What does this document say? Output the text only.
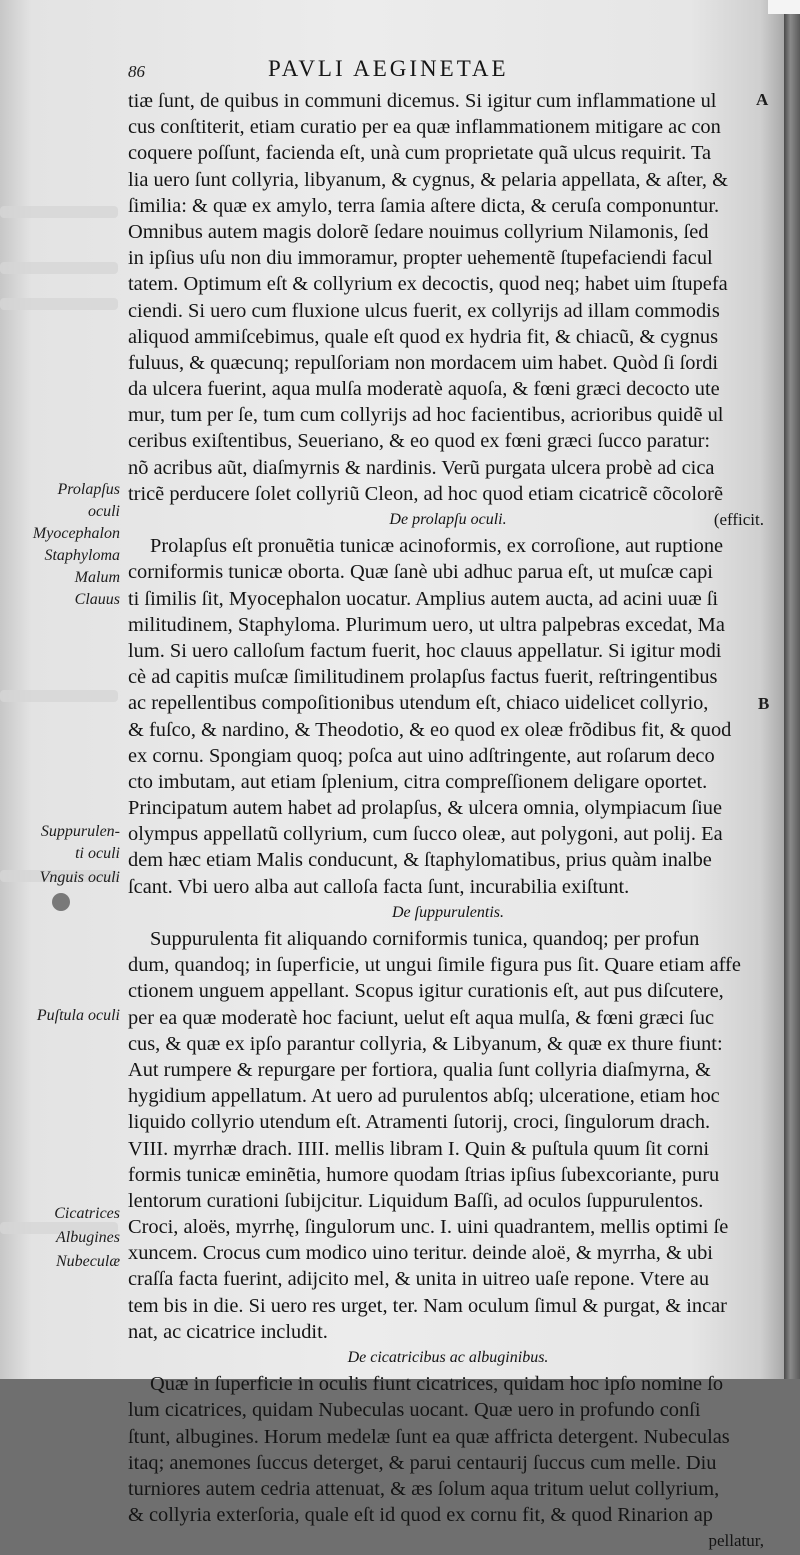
86	PAVLI AEGINETAE
A
B
Prolapſus
oculi
Myocephalon
Staphyloma
Malum
Clauus
Suppurulen-
ti oculi
Vnguis oculi
Puſtula oculi
Cicatrices
Albugines
Nubeculæ
tiæ ſunt, de quibus in communi dicemus. Si igitur cum inflammatione ul
cus conſtiterit, etiam curatio per ea quæ inflammationem mitigare ac con
coquere poſſunt, facienda eſt, unà cum proprietate quã ulcus requirit. Ta
lia uero ſunt collyria, libyanum, & cygnus, & pelaria appellata, & aſter, &
ſimilia: & quæ ex amylo, terra ſamia aſtere dicta, & ceruſa componuntur.
Omnibus autem magis dolorẽ ſedare nouimus collyrium Nilamonis, ſed
in ipſius uſu non diu immoramur, propter uehementẽ ſtupefaciendi facul
tatem. Optimum eſt & collyrium ex decoctis, quod neq; habet uim ſtupefa
ciendi. Si uero cum fluxione ulcus fuerit, ex collyrijs ad illam commodis
aliquod ammiſcebimus, quale eſt quod ex hydria fit, & chiacũ, & cygnus
fuluus, & quæcunq; repulſoriam non mordacem uim habet. Quòd ſi ſordi
da ulcera fuerint, aqua mulſa moderatè aquoſa, & fœni græci decocto ute
mur, tum per ſe, tum cum collyrijs ad hoc facientibus, acrioribus quidẽ ul
ceribus exiſtentibus, Seueriano, & eo quod ex fœni græci ſucco paratur:
nõ acribus aũt, diaſmyrnis & nardinis. Verũ purgata ulcera probè ad cica
tricẽ perducere ſolet collyriũ Cleon, ad hoc quod etiam cicatricẽ cõcolorẽ
De prolapſu oculi.	(efficit.
Prolapſus eſt pronuẽtia tunicæ acinoformis, ex corroſione, aut ruptione
corniformis tunicæ oborta. Quæ ſanè ubi adhuc parua eſt, ut muſcæ capi
ti ſimilis ſit, Myocephalon uocatur. Amplius autem aucta, ad acini uuæ ſi
militudinem, Staphyloma. Plurimum uero, ut ultra palpebras excedat, Ma
lum. Si uero calloſum factum fuerit, hoc clauus appellatur. Si igitur modi
cè ad capitis muſcæ ſimilitudinem prolapſus factus fuerit, reſtringentibus
ac repellentibus compoſitionibus utendum eſt, chiaco uidelicet collyrio,
& fuſco, & nardino, & Theodotio, & eo quod ex oleæ frõdibus fit, & quod
ex cornu. Spongiam quoq; poſca aut uino adſtringente, aut roſarum deco
cto imbutam, aut etiam ſplenium, citra compreſſionem deligare oportet.
Principatum autem habet ad prolapſus, & ulcera omnia, olympiacum ſiue
olympus appellatũ collyrium, cum ſucco oleæ, aut polygoni, aut polij. Ea
dem hæc etiam Malis conducunt, & ſtaphylomatibus, prius quàm inalbe
ſcant. Vbi uero alba aut calloſa facta ſunt, incurabilia exiſtunt.
De ſuppurulentis.
Suppurulenta fit aliquando corniformis tunica, quandoq; per profun
dum, quandoq; in ſuperficie, ut ungui ſimile figura pus ſit. Quare etiam affe
ctionem unguem appellant. Scopus igitur curationis eſt, aut pus diſcutere,
per ea quæ moderatè hoc faciunt, uelut eſt aqua mulſa, & fœni græci ſuc
cus, & quæ ex ipſo parantur collyria, & Libyanum, & quæ ex thure fiunt:
Aut rumpere & repurgare per fortiora, qualia ſunt collyria diaſmyrna, &
hygidium appellatum. At uero ad purulentos abſq; ulceratione, etiam hoc
liquido collyrio utendum eſt. Atramenti ſutorij, croci, ſingulorum drach.
VIII. myrrhæ drach. IIII. mellis libram I. Quin & puſtula quum ſit corni
formis tunicæ eminẽtia, humore quodam ſtrias ipſius ſubexcoriante, puru
lentorum curationi ſubijcitur. Liquidum Baſſi, ad oculos ſuppurulentos.
Croci, aloës, myrrhę, ſingulorum unc. I. uini quadrantem, mellis optimi ſe
xuncem. Crocus cum modico uino teritur. deinde aloë, & myrrha, & ubi
craſſa facta fuerint, adijcito mel, & unita in uitreo uaſe repone. Vtere au
tem bis in die. Si uero res urget, ter. Nam oculum ſimul & purgat, & incar
nat, ac cicatrice includit.
De cicatricibus ac albuginibus.
Quæ in ſuperficie in oculis fiunt cicatrices, quidam hoc ipſo nomine ſo
lum cicatrices, quidam Nubeculas uocant. Quæ uero in profundo conſi
ſtunt, albugines. Horum medelæ ſunt ea quæ affricta detergent. Nubeculas
itaq; anemones ſuccus deterget, & parui centaurij ſuccus cum melle. Diu
turniores autem cedria attenuat, & æs ſolum aqua tritum uelut collyrium,
& collyria exterſoria, quale eſt id quod ex cornu fit, & quod Rinarion ap
pellatur,
